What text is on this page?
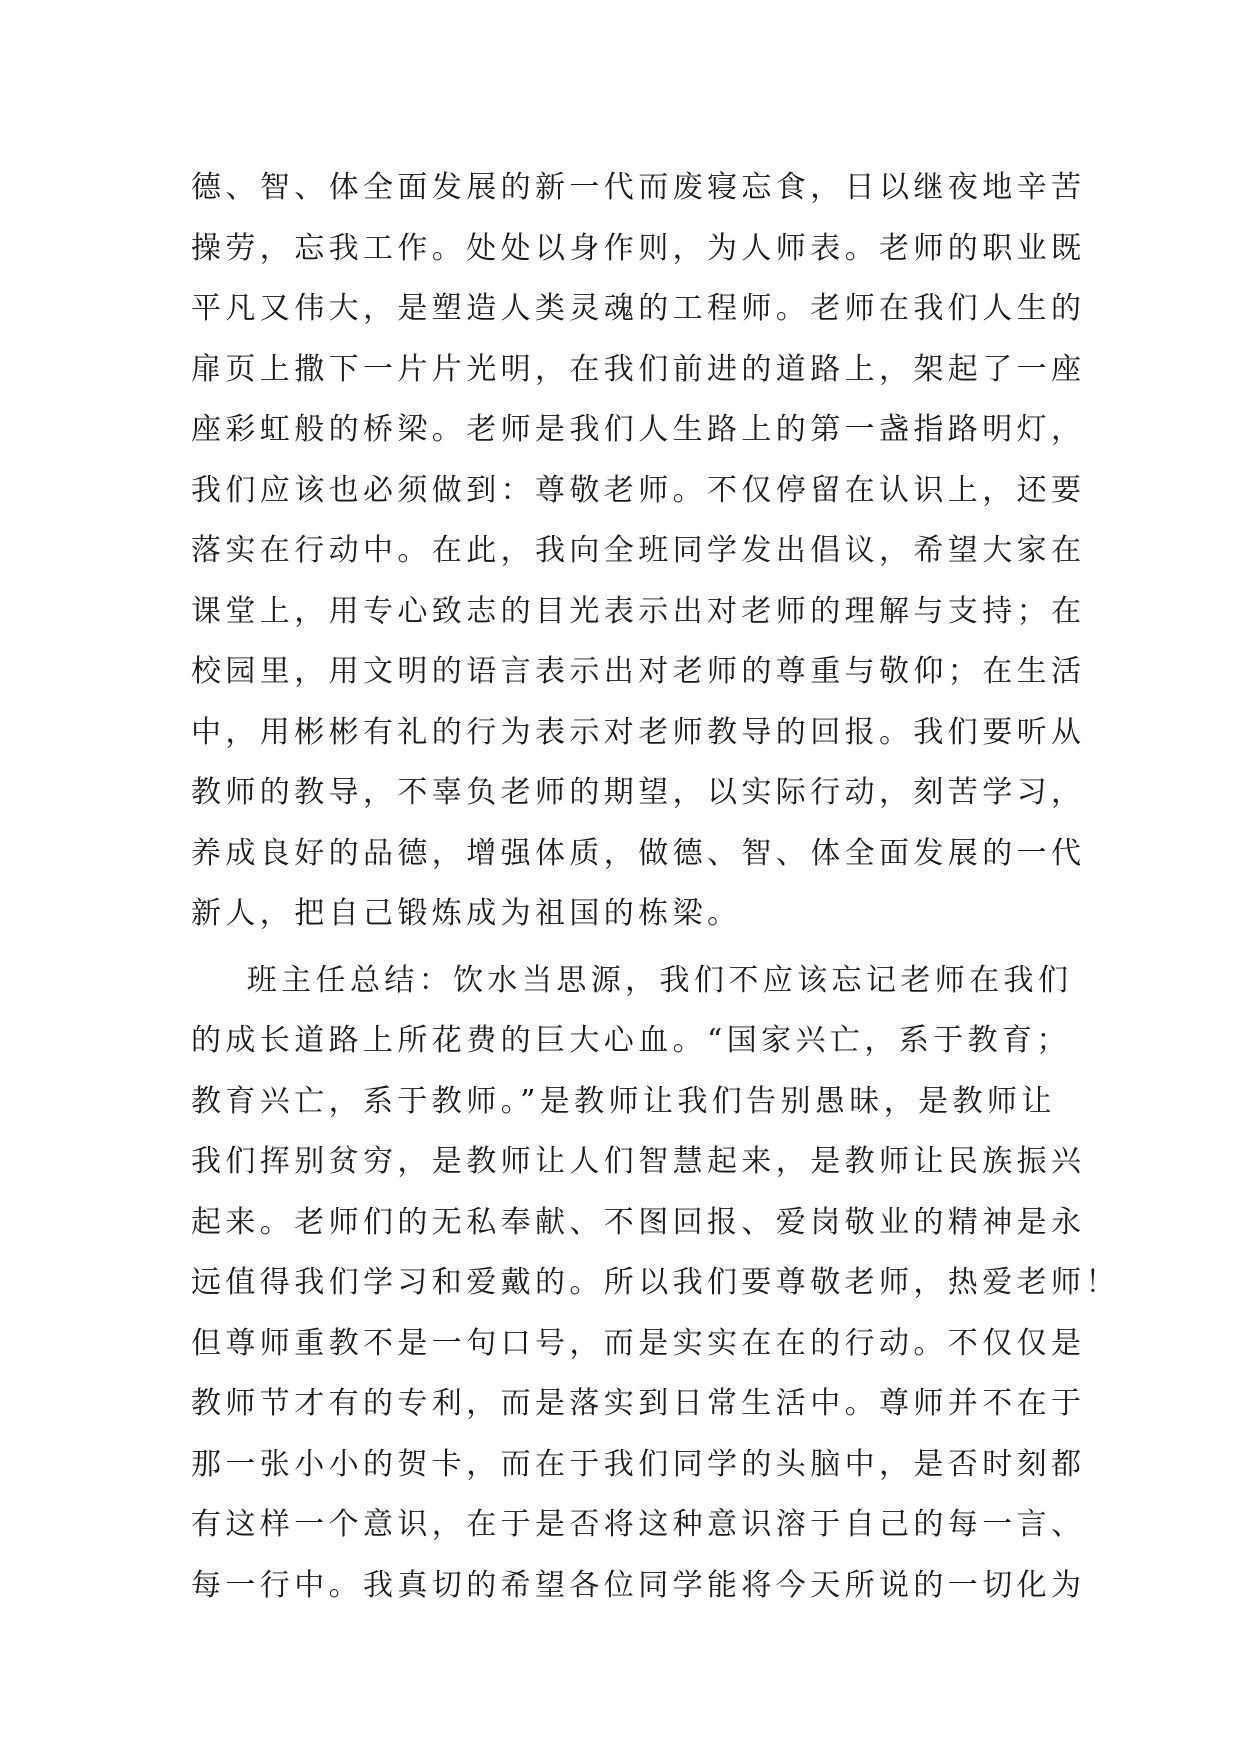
德、智、体全面发展的新一代而废寝忘食，日以继夜地辛苦
操劳，忘我工作。处处以身作则，为人师表。老师的职业既
平凡又伟大，是塑造人类灵魂的工程师。老师在我们人生的
扉页上撒下一片片光明，在我们前进的道路上，架起了一座
座彩虹般的桥梁。老师是我们人生路上的第一盏指路明灯，
我们应该也必须做到：尊敬老师。不仅停留在认识上，还要
落实在行动中。在此，我向全班同学发出倡议，希望大家在
课堂上，用专心致志的目光表示出对老师的理解与支持；在
校园里，用文明的语言表示出对老师的尊重与敬仰；在生活
中，用彬彬有礼的行为表示对老师教导的回报。我们要听从
教师的教导，不辜负老师的期望，以实际行动，刻苦学习，
养成良好的品德，增强体质，做德、智、体全面发展的一代
新人，把自己锻炼成为祖国的栋梁。
班主任总结：饮水当思源，我们不应该忘记老师在我们
的成长道路上所花费的巨大心血。“国家兴亡，系于教育；
教育兴亡，系于教师。”是教师让我们告别愚昧，是教师让
我们挥别贫穷，是教师让人们智慧起来，是教师让民族振兴
起来。老师们的无私奉献、不图回报、爱岗敬业的精神是永
远值得我们学习和爱戴的。所以我们要尊敬老师，热爱老师！
但尊师重教不是一句口号，而是实实在在的行动。不仅仅是
教师节才有的专利，而是落实到日常生活中。尊师并不在于
那一张小小的贺卡，而在于我们同学的头脑中，是否时刻都
有这样一个意识，在于是否将这种意识溶于自己的每一言、
每一行中。我真切的希望各位同学能将今天所说的一切化为
